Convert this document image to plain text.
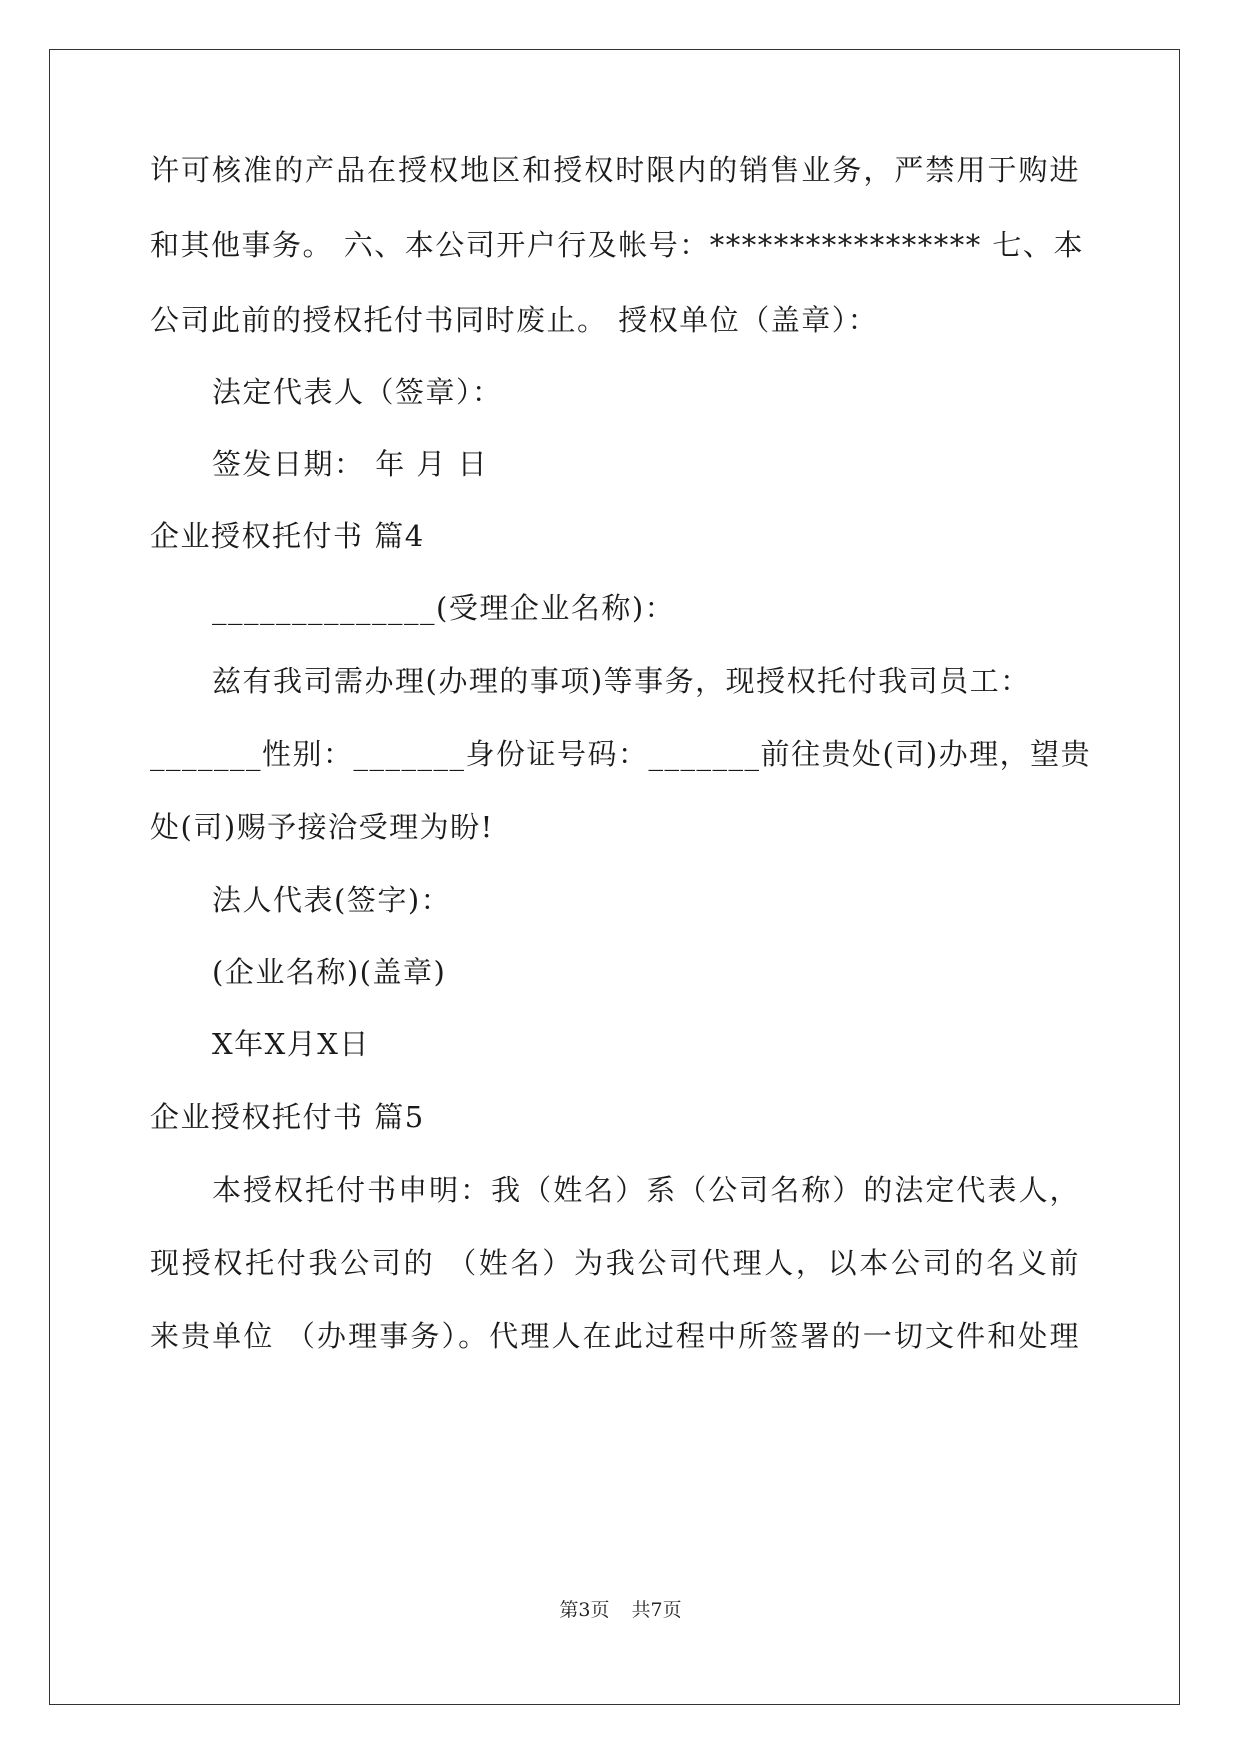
许可核准的产品在授权地区和授权时限内的销售业务，严禁用于购进
和其他事务。 六、本公司开户行及帐号：***************** 七、本
公司此前的授权托付书同时废止。 授权单位（盖章）：
法定代表人（签章）：
签发日期： 年 月 日
企业授权托付书 篇4
______________(受理企业名称)：
兹有我司需办理(办理的事项)等事务，现授权托付我司员工：
_______性别：_______身份证号码：_______前往贵处(司)办理，望贵
处(司)赐予接洽受理为盼!
法人代表(签字)：
(企业名称)(盖章)
X年X月X日
企业授权托付书 篇5
本授权托付书申明：我（姓名）系（公司名称）的法定代表人，
现授权托付我公司的 （姓名）为我公司代理人，以本公司的名义前
来贵单位 （办理事务）。代理人在此过程中所签署的一切文件和处理
第3页 共7页
